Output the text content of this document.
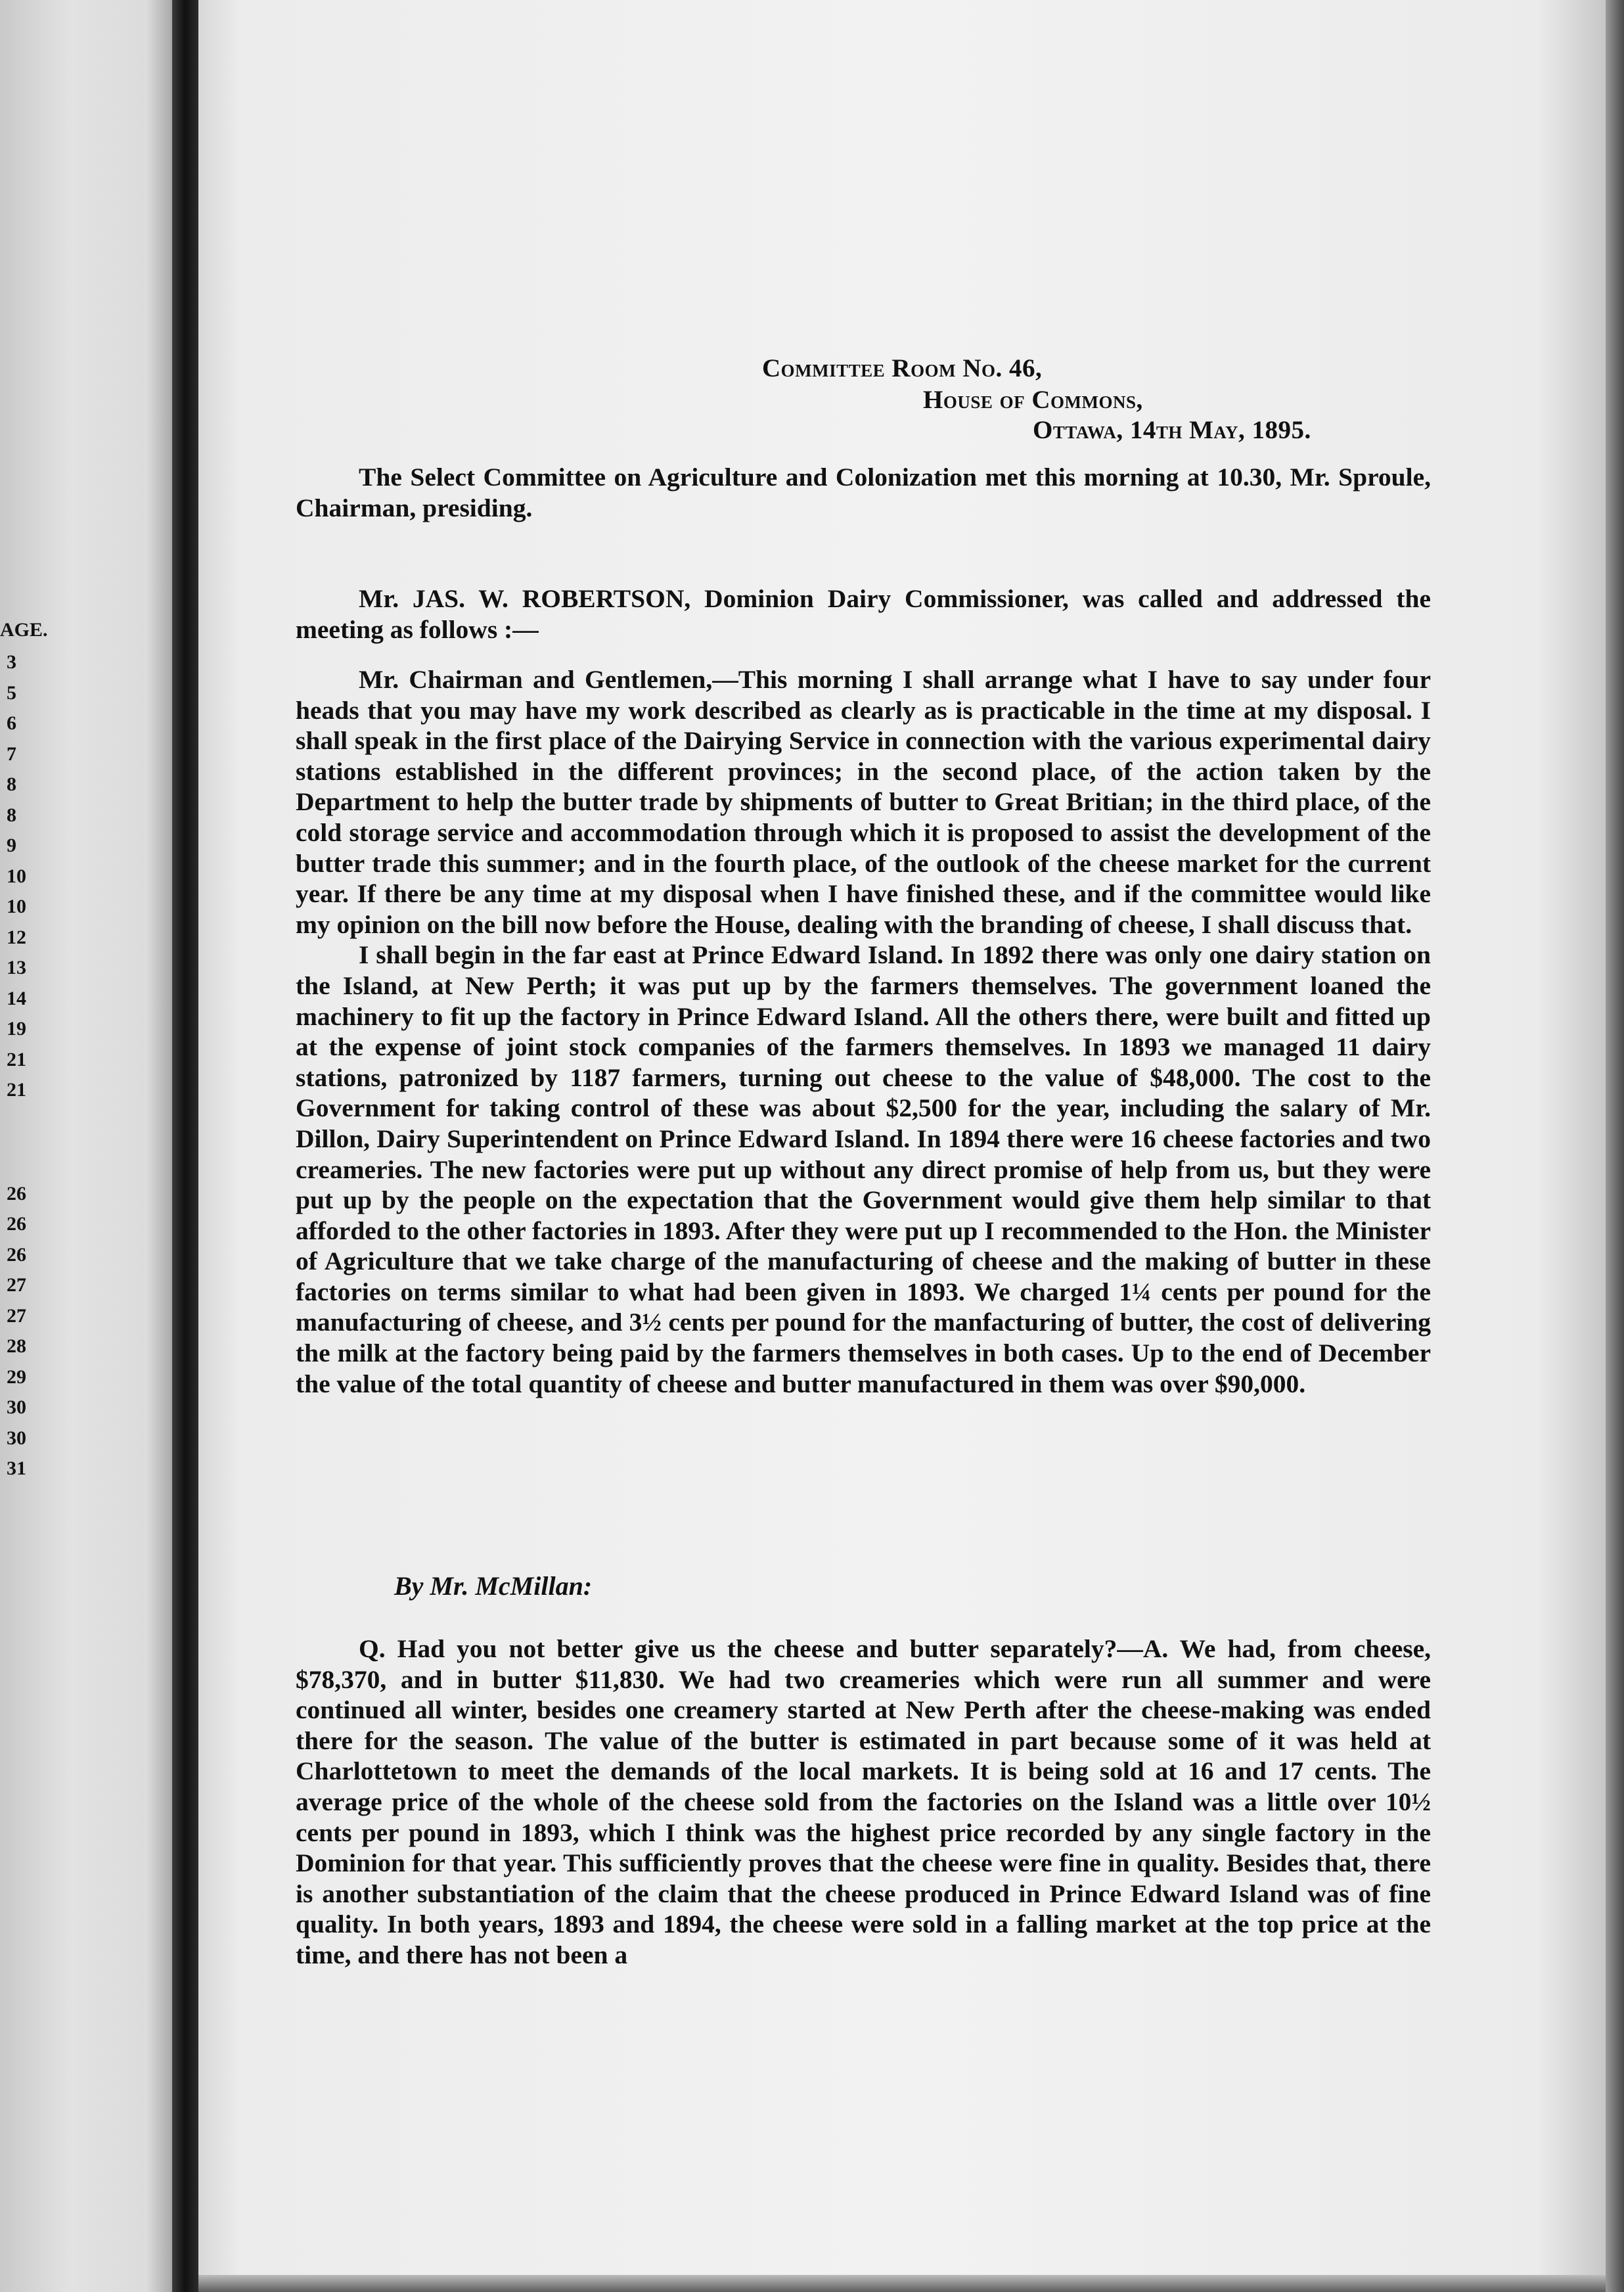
AGE.
3
5
6
7
8
8
9
10
10
12
13
14
19
21
21
26
26
26
27
27
28
29
30
30
31
Committee Room No. 46,
House of Commons,
Ottawa, 14th May, 1895.

The Select Committee on Agriculture and Colonization met this morning at 10.30, Mr. Sproule, Chairman, presiding.

Mr. JAS. W. ROBERTSON, Dominion Dairy Commissioner, was called and addressed the meeting as follows :—

Mr. Chairman and Gentlemen,—This morning I shall arrange what I have to say under four heads that you may have my work described as clearly as is practicable in the time at my disposal. I shall speak in the first place of the Dairying Service in connection with the various experimental dairy stations established in the different provinces; in the second place, of the action taken by the Department to help the butter trade by shipments of butter to Great Britian; in the third place, of the cold storage service and accommodation through which it is proposed to assist the development of the butter trade this summer; and in the fourth place, of the outlook of the cheese market for the current year. If there be any time at my disposal when I have finished these, and if the committee would like my opinion on the bill now before the House, dealing with the branding of cheese, I shall discuss that.

I shall begin in the far east at Prince Edward Island. In 1892 there was only one dairy station on the Island, at New Perth; it was put up by the farmers themselves. The government loaned the machinery to fit up the factory in Prince Edward Island. All the others there, were built and fitted up at the expense of joint stock companies of the farmers themselves. In 1893 we managed 11 dairy stations, patronized by 1187 farmers, turning out cheese to the value of $48,000. The cost to the Government for taking control of these was about $2,500 for the year, including the salary of Mr. Dillon, Dairy Superintendent on Prince Edward Island. In 1894 there were 16 cheese factories and two creameries. The new factories were put up without any direct promise of help from us, but they were put up by the people on the expectation that the Government would give them help similar to that afforded to the other factories in 1893. After they were put up I recommended to the Hon. the Minister of Agriculture that we take charge of the manufacturing of cheese and the making of butter in these factories on terms similar to what had been given in 1893. We charged 1¼ cents per pound for the manufacturing of cheese, and 3½ cents per pound for the manfacturing of butter, the cost of delivering the milk at the factory being paid by the farmers themselves in both cases. Up to the end of December the value of the total quantity of cheese and butter manufactured in them was over $90,000.

By Mr. McMillan:

Q. Had you not better give us the cheese and butter separately?—A. We had, from cheese, $78,370, and in butter $11,830. We had two creameries which were run all summer and were continued all winter, besides one creamery started at New Perth after the cheese-making was ended there for the season. The value of the butter is estimated in part because some of it was held at Charlottetown to meet the demands of the local markets. It is being sold at 16 and 17 cents. The average price of the whole of the cheese sold from the factories on the Island was a little over 10½ cents per pound in 1893, which I think was the highest price recorded by any single factory in the Dominion for that year. This sufficiently proves that the cheese were fine in quality. Besides that, there is another substantiation of the claim that the cheese produced in Prince Edward Island was of fine quality. In both years, 1893 and 1894, the cheese were sold in a falling market at the top price at the time, and there has not been a
